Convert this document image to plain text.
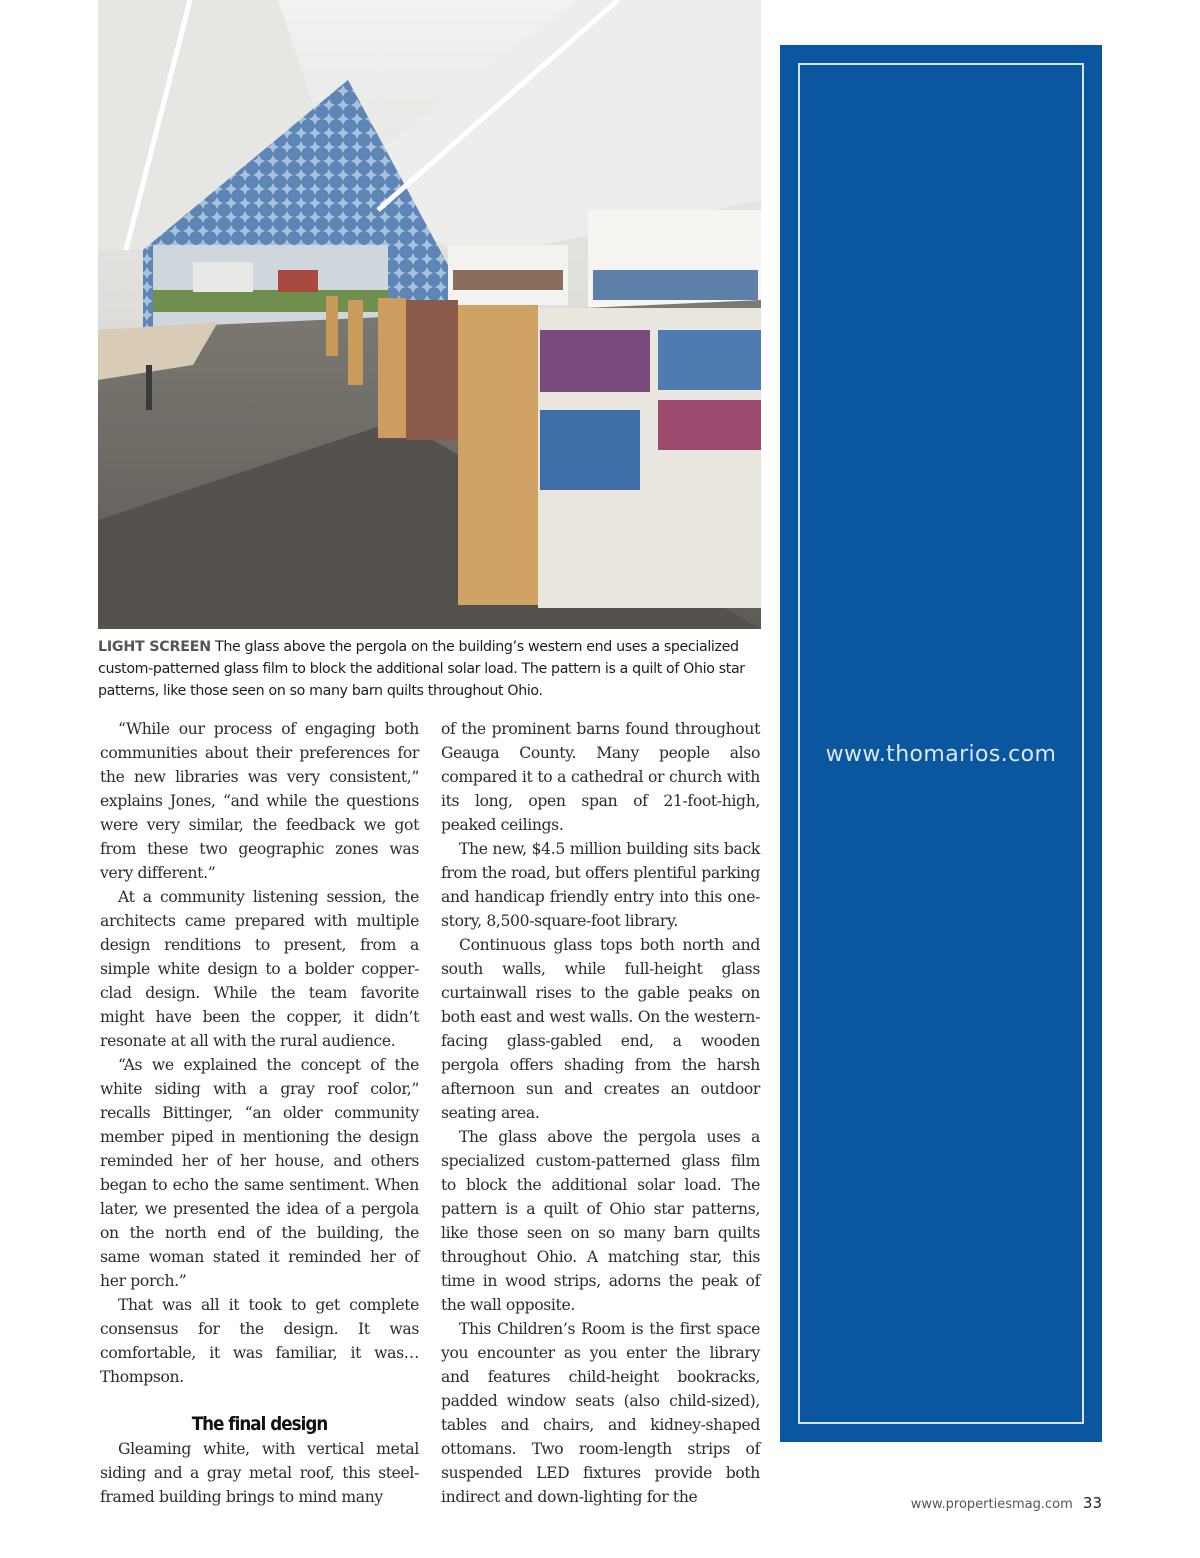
LIGHT SCREEN The glass above the pergola on the building’s western end uses a specialized custom-patterned glass film to block the additional solar load. The pattern is a quilt of Ohio star patterns, like those seen on so many barn quilts throughout Ohio.

“While our process of engaging both communities about their preferences for the new libraries was very consistent,” explains Jones, “and while the questions were very similar, the feedback we got from these two geographic zones was very different.”

At a community listening session, the architects came prepared with multiple design renditions to present, from a simple white design to a bolder copper-clad design. While the team favorite might have been the copper, it didn’t resonate at all with the rural audience.

“As we explained the concept of the white siding with a gray roof color,” recalls Bittinger, “an older community member piped in mentioning the design reminded her of her house, and others began to echo the same sentiment. When later, we presented the idea of a pergola on the north end of the building, the same woman stated it reminded her of her porch.”

That was all it took to get complete consensus for the design. It was comfortable, it was familiar, it was… Thompson.

The final design

Gleaming white, with vertical metal siding and a gray metal roof, this steel-framed building brings to mind many

of the prominent barns found throughout Geauga County. Many people also compared it to a cathedral or church with its long, open span of 21-foot-high, peaked ceilings.

The new, $4.5 million building sits back from the road, but offers plentiful parking and handicap friendly entry into this one-story, 8,500-square-foot library.

Continuous glass tops both north and south walls, while full-height glass curtainwall rises to the gable peaks on both east and west walls. On the western-facing glass-gabled end, a wooden pergola offers shading from the harsh afternoon sun and creates an outdoor seating area.

The glass above the pergola uses a specialized custom-patterned glass film to block the additional solar load. The pattern is a quilt of Ohio star patterns, like those seen on so many barn quilts throughout Ohio. A matching star, this time in wood strips, adorns the peak of the wall opposite.

This Children’s Room is the first space you encounter as you enter the library and features child-height bookracks, padded window seats (also child-sized), tables and chairs, and kidney-shaped ottomans. Two room-length strips of suspended LED fixtures provide both indirect and down-lighting for the

www.thomarios.com
www.propertiesmag.com 33
